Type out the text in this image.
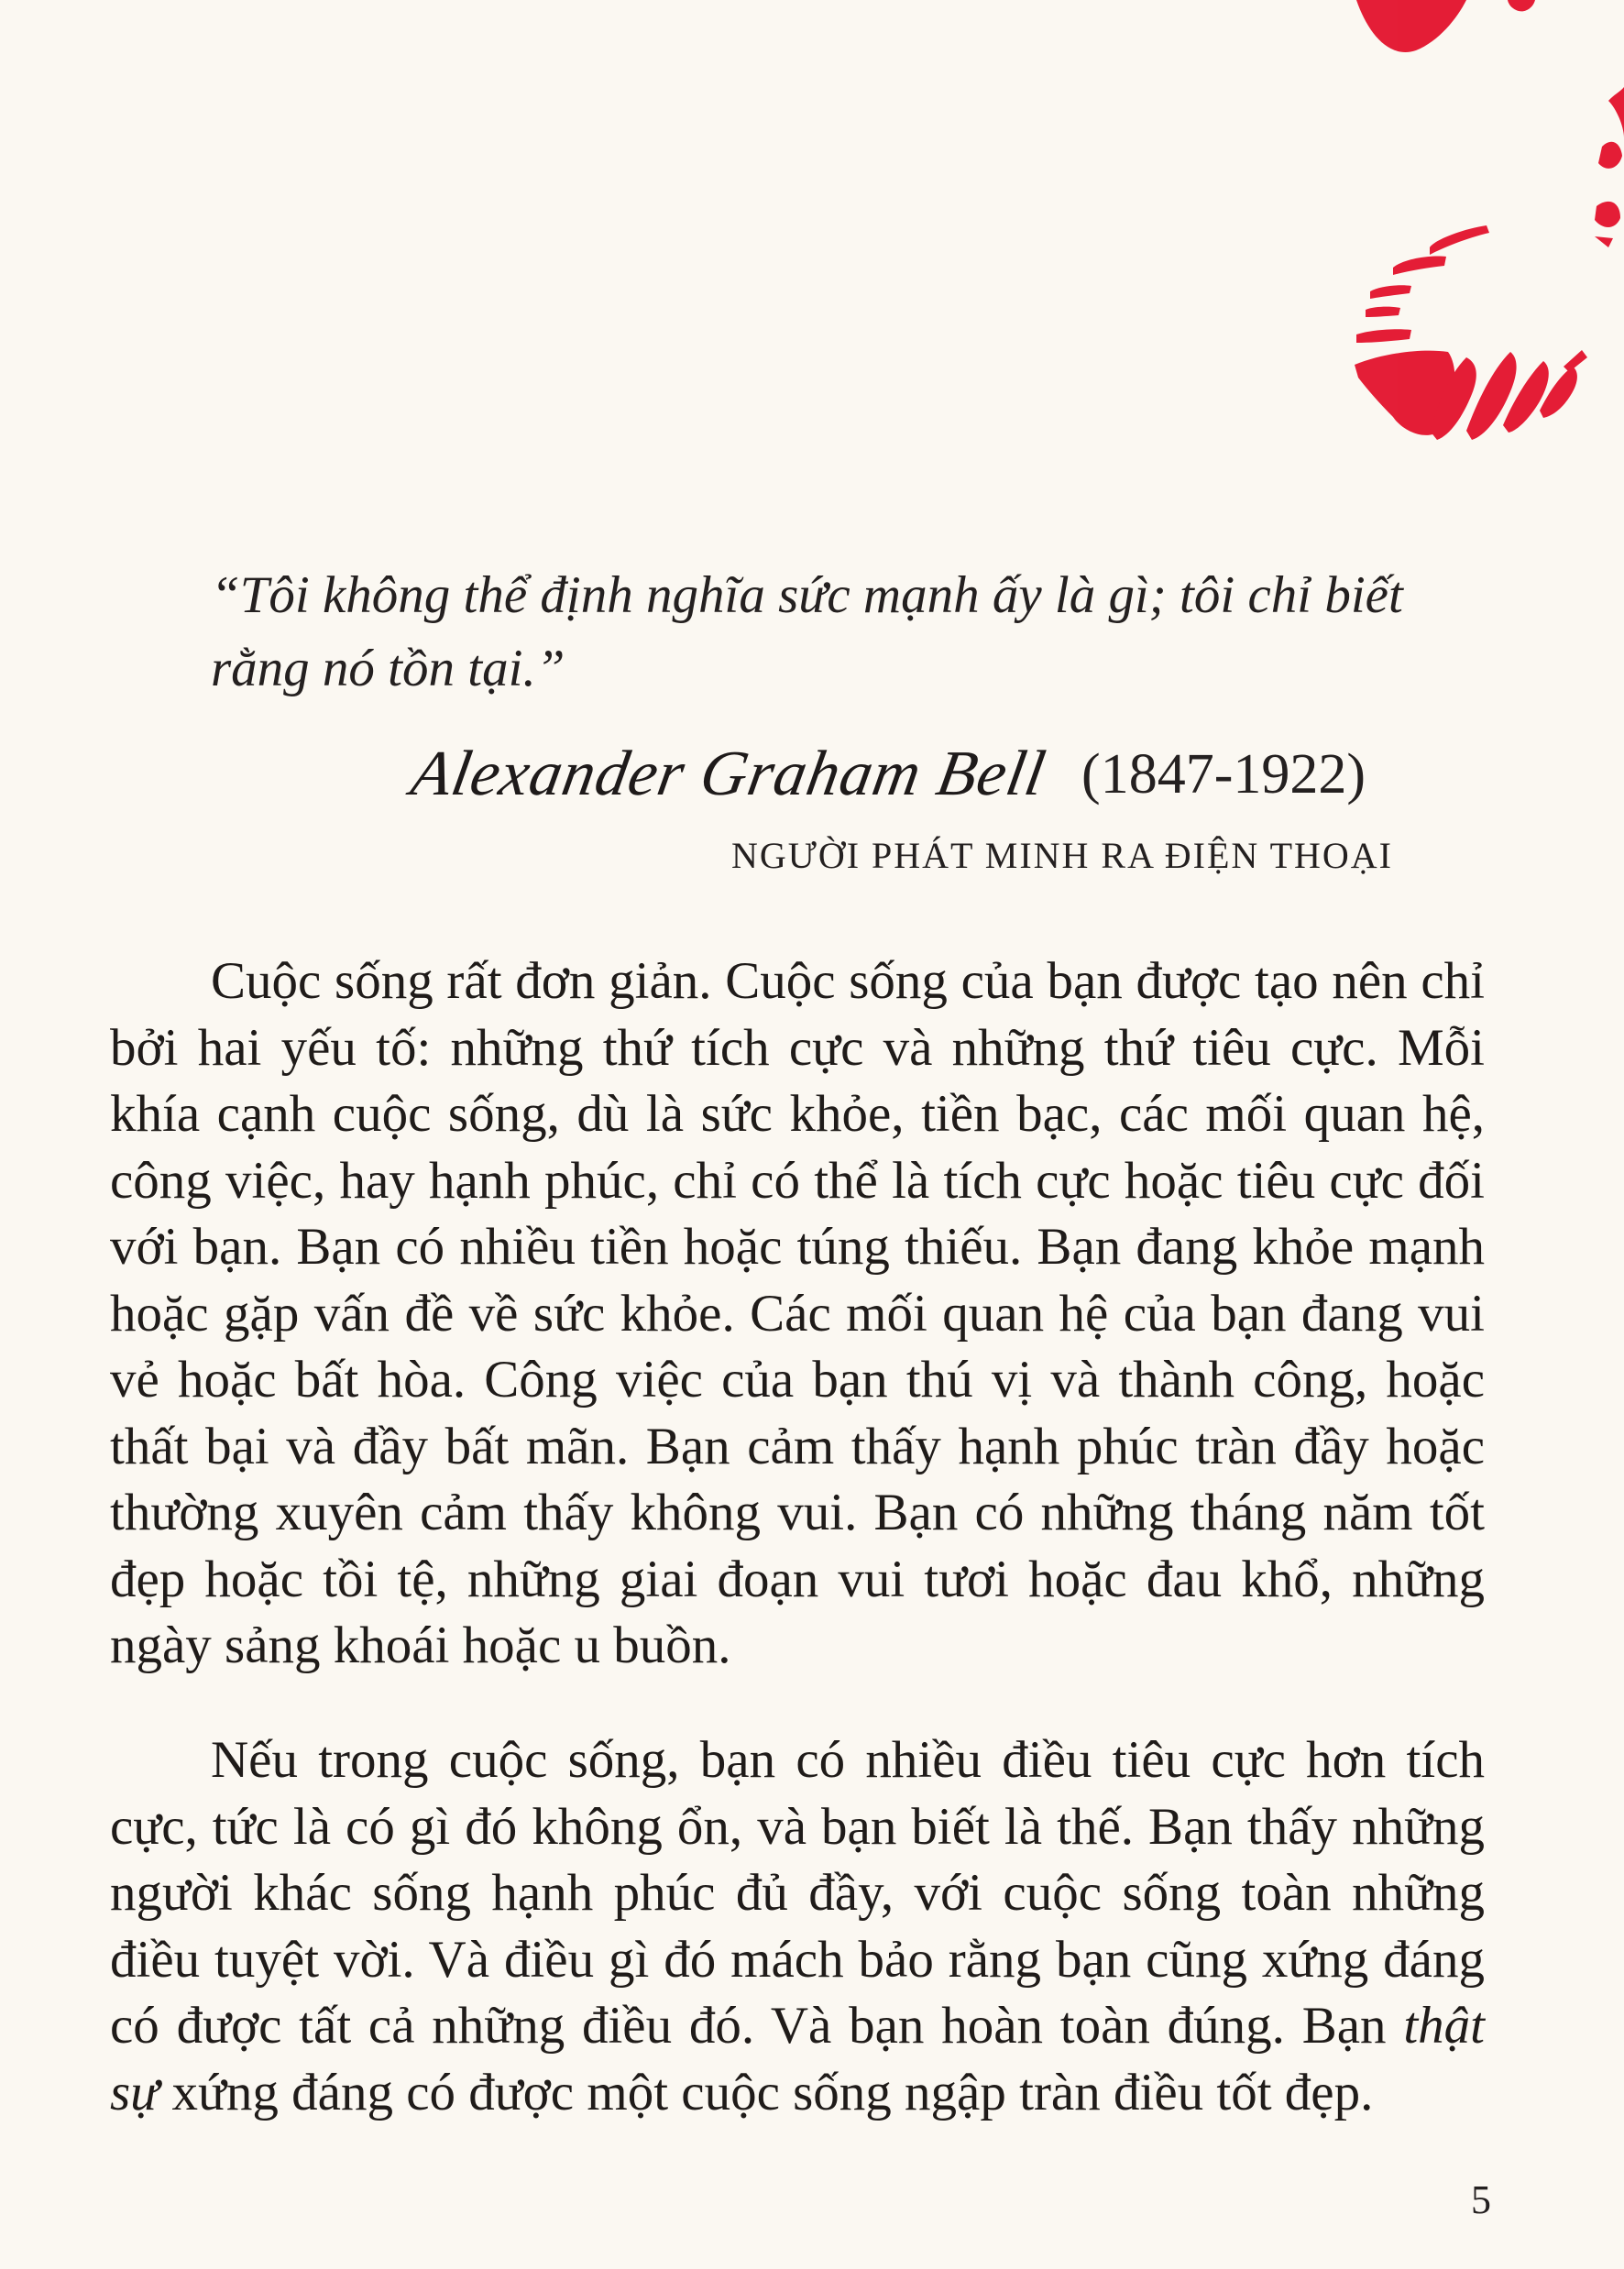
“Tôi không thể định nghĩa sức mạnh ấy là gì; tôi chỉ biết rằng nó tồn tại.”
Alexander Graham Bell (1847-1922)
NGƯỜI PHÁT MINH RA ĐIỆN THOẠI

Cuộc sống rất đơn giản. Cuộc sống của bạn được tạo nên chỉ bởi hai yếu tố: những thứ tích cực và những thứ tiêu cực. Mỗi khía cạnh cuộc sống, dù là sức khỏe, tiền bạc, các mối quan hệ, công việc, hay hạnh phúc, chỉ có thể là tích cực hoặc tiêu cực đối với bạn. Bạn có nhiều tiền hoặc túng thiếu. Bạn đang khỏe mạnh hoặc gặp vấn đề về sức khỏe. Các mối quan hệ của bạn đang vui vẻ hoặc bất hòa. Công việc của bạn thú vị và thành công, hoặc thất bại và đầy bất mãn. Bạn cảm thấy hạnh phúc tràn đầy hoặc thường xuyên cảm thấy không vui. Bạn có những tháng năm tốt đẹp hoặc tồi tệ, những giai đoạn vui tươi hoặc đau khổ, những ngày sảng khoái hoặc u buồn.

Nếu trong cuộc sống, bạn có nhiều điều tiêu cực hơn tích cực, tức là có gì đó không ổn, và bạn biết là thế. Bạn thấy những người khác sống hạnh phúc đủ đầy, với cuộc sống toàn những điều tuyệt vời. Và điều gì đó mách bảo rằng bạn cũng xứng đáng có được tất cả những điều đó. Và bạn hoàn toàn đúng. Bạn thật sự xứng đáng có được một cuộc sống ngập tràn điều tốt đẹp.

5
